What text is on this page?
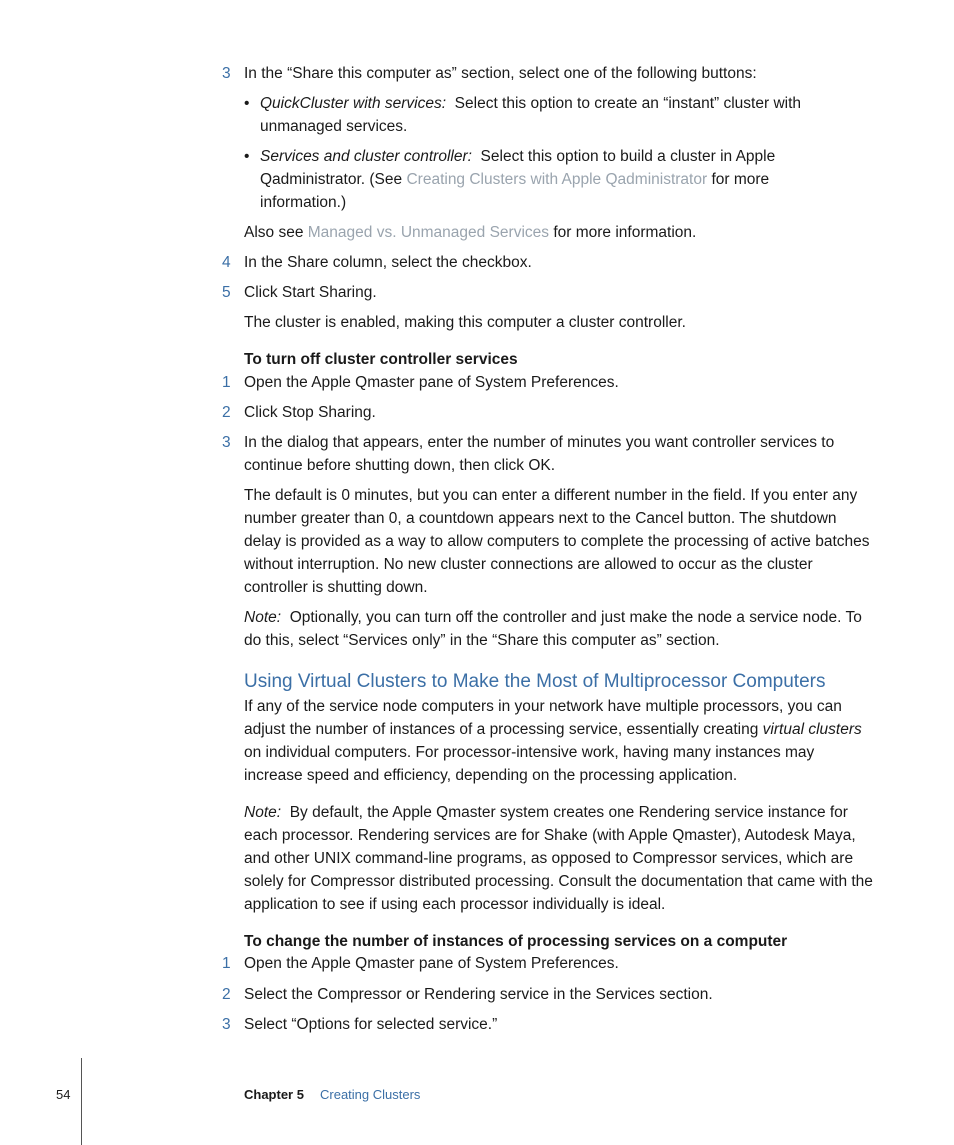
3 In the “Share this computer as” section, select one of the following buttons:

• QuickCluster with services: Select this option to create an “instant” cluster with unmanaged services.

• Services and cluster controller: Select this option to build a cluster in Apple Qadministrator. (See Creating Clusters with Apple Qadministrator for more information.)

Also see Managed vs. Unmanaged Services for more information.

4 In the Share column, select the checkbox.

5 Click Start Sharing.

The cluster is enabled, making this computer a cluster controller.

To turn off cluster controller services

1 Open the Apple Qmaster pane of System Preferences.

2 Click Stop Sharing.

3 In the dialog that appears, enter the number of minutes you want controller services to continue before shutting down, then click OK.

The default is 0 minutes, but you can enter a different number in the field. If you enter any number greater than 0, a countdown appears next to the Cancel button. The shutdown delay is provided as a way to allow computers to complete the processing of active batches without interruption. No new cluster connections are allowed to occur as the cluster controller is shutting down.

Note: Optionally, you can turn off the controller and just make the node a service node. To do this, select “Services only” in the “Share this computer as” section.

Using Virtual Clusters to Make the Most of Multiprocessor Computers

If any of the service node computers in your network have multiple processors, you can adjust the number of instances of a processing service, essentially creating virtual clusters on individual computers. For processor-intensive work, having many instances may increase speed and efficiency, depending on the processing application.

Note: By default, the Apple Qmaster system creates one Rendering service instance for each processor. Rendering services are for Shake (with Apple Qmaster), Autodesk Maya, and other UNIX command-line programs, as opposed to Compressor services, which are solely for Compressor distributed processing. Consult the documentation that came with the application to see if using each processor individually is ideal.

To change the number of instances of processing services on a computer

1 Open the Apple Qmaster pane of System Preferences.

2 Select the Compressor or Rendering service in the Services section.

3 Select “Options for selected service.”

54	Chapter 5 Creating Clusters
